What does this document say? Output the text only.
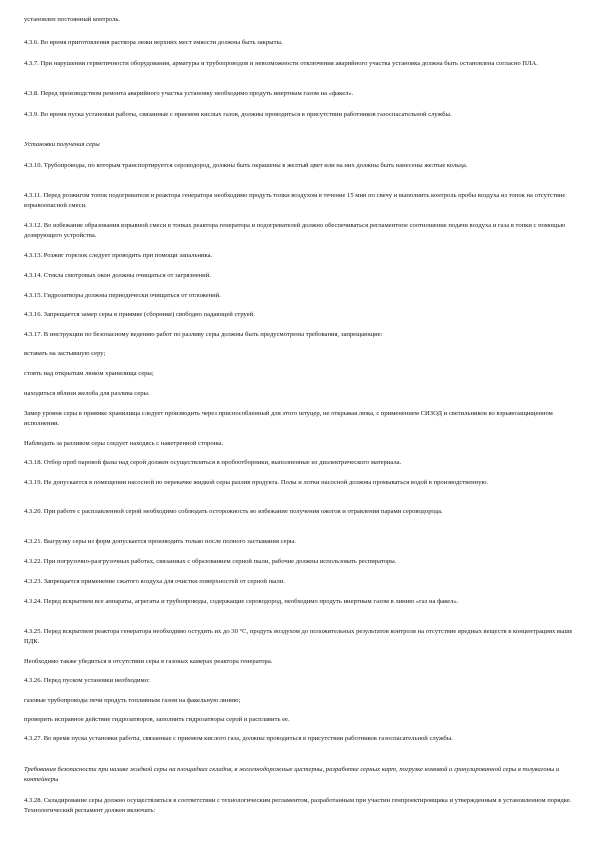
установлен постоянный контроль.
4.3.6. Во время приготовления раствора люки верхних мест емкости должны быть закрыты.
4.3.7. При нарушении герметичности оборудования, арматуры и трубопроводов и невозможности отключения аварийного участка установка должна быть остановлена согласно ПЛА.
4.3.8. Перед производством ремонта аварийного участка установку необходимо продуть инертным газом на «факел».
4.3.9. Во время пуска установки работы, связанные с приемом кислых газов, должны проводиться в присутствии работников газоспасательной службы.
Установки получения серы
4.3.10. Трубопроводы, по которым транспортируется сероводород, должны быть окрашены в желтый цвет или на них должны быть нанесены желтые кольца.
4.3.11. Перед розжигом топок подогревателя и реактора генератора необходимо продуть топки воздухом в течение 15 мин по свечу и выполнить контроль пробы воздуха из топок на отсутствие взрывоопасной смеси.
4.3.12. Во избежание образования взрывной смеси в топках реактора генератора и подогревателей должно обеспечиваться регламентное соотношение подачи воздуха и газа в топки с помощью дозирующего устройства.
4.3.13. Розжиг горелок следует проводить при помощи запальника.
4.3.14. Стекла смотровых окон должны очищаться от загрязнений.
4.3.15. Гидрозатворы должны периодически очищаться от отложений.
4.3.16. Запрещается замер серы в приямке (сборнике) свободно падающей струей.
4.3.17. В инструкции по безопасному ведению работ по разливу серы должны быть предусмотрены требования, запрещающие:
вставать на застывшую серу;
стоять над открытым люком хранилища серы;
находиться вблизи желоба для разлива серы.
Замер уровня серы в приямке хранилища следует производить через приспособленный для этого штуцер, не открывая люка, с применением СИЗОД и светильников во взрывозащищенном исполнении.
Наблюдать за разливом серы следует находясь с наветренной стороны.
4.3.18. Отбор проб паровой фазы над серой должен осуществляться в пробоотборники, выполненные из диэлектрического материала.
4.3.19. Не допускается в помещении насосной по перекачке жидкой серы разлив продукта. Полы и лотки насосной должны промываться водой в производственную.
4.3.20. При работе с расплавленной серой необходимо соблюдать осторожность во избежание получения ожогов и отравления парами сероводорода.
4.3.21. Выгрузку серы из форм допускается производить только после полного застывания серы.
4.3.22. При погрузочно-разгрузочных работах, связанных с образованием серной пыли, рабочие должны использовать респираторы.
4.3.23. Запрещается применение сжатого воздуха для очистки поверхностей от серной пыли.
4.3.24. Перед вскрытием все аппараты, агрегаты и трубопроводы, содержащие сероводород, необходимо продуть инертным газом в линию «газ на факел».
4.3.25. Перед вскрытием реактора генератора необходимо остудить их до 30 °С, продуть воздухом до положительных результатов контроля на отсутствие вредных веществ в концентрациях выше ПДК.
Необходимо также убедиться в отсутствии серы в газовых камерах реактора генератора.
4.3.26. Перед пуском установки необходимо:
газовые трубопроводы печи продуть топливным газом на факельную линию;
проверить исправное действие гидрозатворов, заполнить гидрозатворы серой и расплавить ее.
4.3.27. Во время пуска установки работы, связанные с приемом кислого газа, должны проводиться в присутствии работников газоспасательной службы.
Требования безопасности при наливе жидкой серы на площадках складов, в железнодорожные цистерны, разработке серных карт, погрузке комовой и гранулированной серы в полувагоны и контейнеры
4.3.28. Складирование серы должно осуществляться в соответствии с технологическим регламентом, разработанным при участии генпроектировщика и утвержденным в установленном порядке. Технологический регламент должен включать:
